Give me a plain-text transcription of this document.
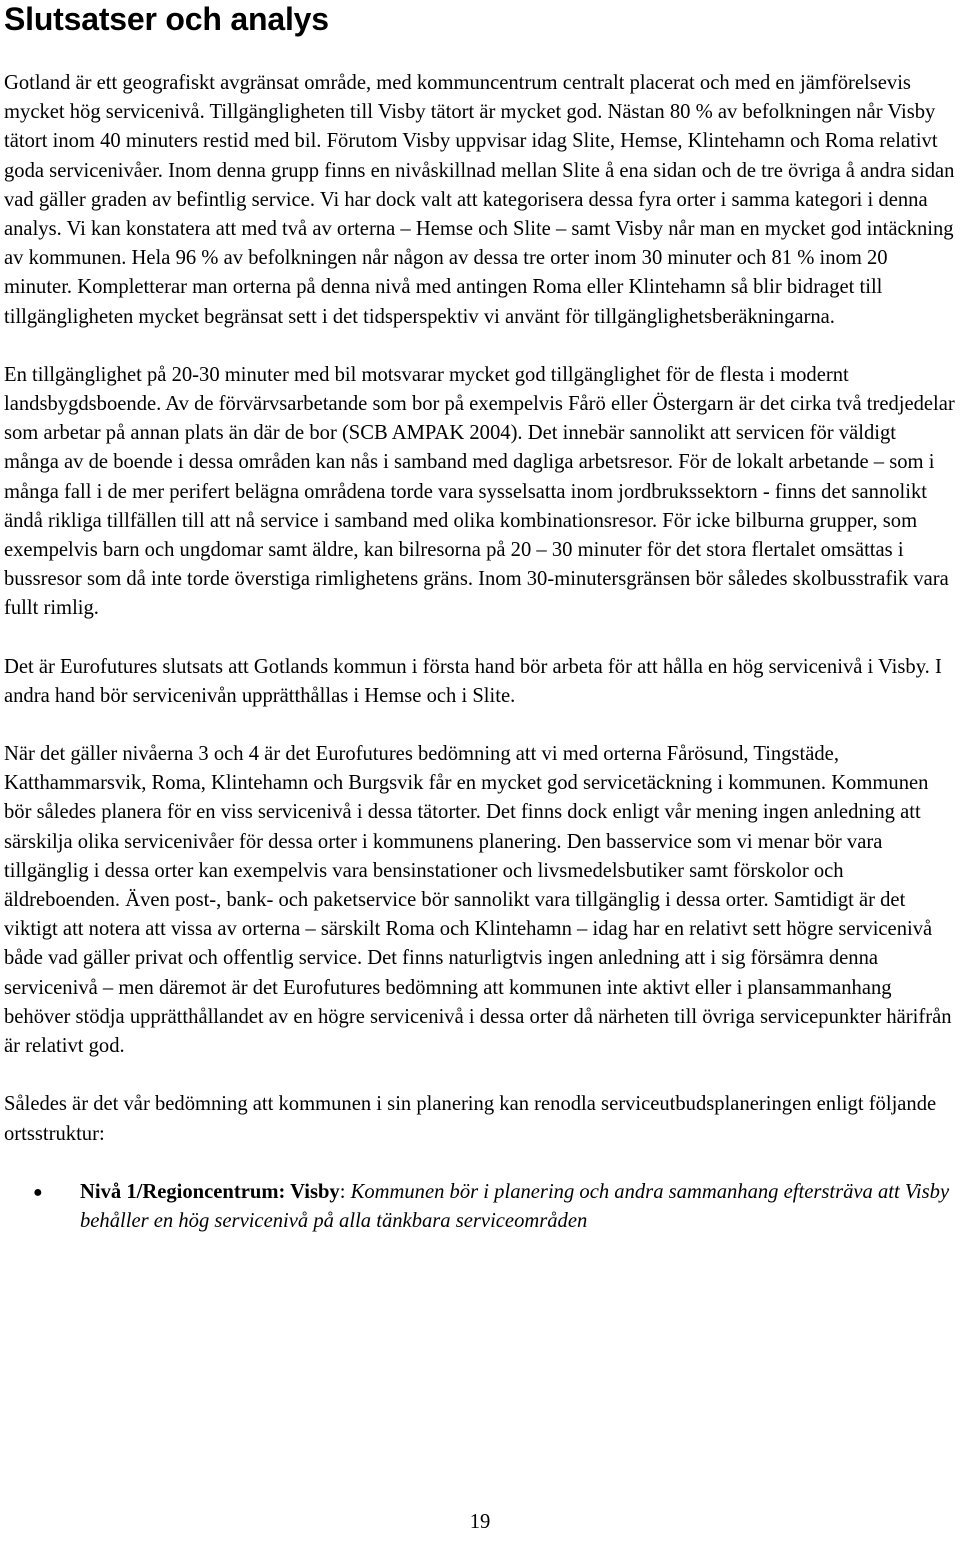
Slutsatser och analys

Gotland är ett geografiskt avgränsat område, med kommuncentrum centralt placerat och med en jämförelsevis mycket hög servicenivå. Tillgängligheten till Visby tätort är mycket god. Nästan 80 % av befolkningen når Visby tätort inom 40 minuters restid med bil. Förutom Visby uppvisar idag Slite, Hemse, Klintehamn och Roma relativt goda servicenivåer. Inom denna grupp finns en nivåskillnad mellan Slite å ena sidan och de tre övriga å andra sidan vad gäller graden av befintlig service. Vi har dock valt att kategorisera dessa fyra orter i samma kategori i denna analys. Vi kan konstatera att med två av orterna – Hemse och Slite – samt Visby når man en mycket god intäckning av kommunen. Hela 96 % av befolkningen når någon av dessa tre orter inom 30 minuter och 81 % inom 20 minuter. Kompletterar man orterna på denna nivå med antingen Roma eller Klintehamn så blir bidraget till tillgängligheten mycket begränsat sett i det tidsperspektiv vi använt för tillgänglighetsberäkningarna.

En tillgänglighet på 20-30 minuter med bil motsvarar mycket god tillgänglighet för de flesta i modernt landsbygdsboende. Av de förvärvsarbetande som bor på exempelvis Fårö eller Östergarn är det cirka två tredjedelar som arbetar på annan plats än där de bor (SCB AMPAK 2004). Det innebär sannolikt att servicen för väldigt många av de boende i dessa områden kan nås i samband med dagliga arbetsresor. För de lokalt arbetande – som i många fall i de mer perifert belägna områdena torde vara sysselsatta inom jordbrukssektorn - finns det sannolikt ändå rikliga tillfällen till att nå service i samband med olika kombinationsresor. För icke bilburna grupper, som exempelvis barn och ungdomar samt äldre, kan bilresorna på 20 – 30 minuter för det stora flertalet omsättas i bussresor som då inte torde överstiga rimlighetens gräns. Inom 30-minutersgränsen bör således skolbusstrafik vara fullt rimlig.

Det är Eurofutures slutsats att Gotlands kommun i första hand bör arbeta för att hålla en hög servicenivå i Visby. I andra hand bör servicenivån upprätthållas i Hemse och i Slite.

När det gäller nivåerna 3 och 4 är det Eurofutures bedömning att vi med orterna Fårösund, Tingstäde, Katthammarsvik, Roma, Klintehamn och Burgsvik får en mycket god servicetäckning i kommunen. Kommunen bör således planera för en viss servicenivå i dessa tätorter. Det finns dock enligt vår mening ingen anledning att särskilja olika servicenivåer för dessa orter i kommunens planering. Den basservice som vi menar bör vara tillgänglig i dessa orter kan exempelvis vara bensinstationer och livsmedelsbutiker samt förskolor och äldreboenden. Även post-, bank- och paketservice bör sannolikt vara tillgänglig i dessa orter. Samtidigt är det viktigt att notera att vissa av orterna – särskilt Roma och Klintehamn – idag har en relativt sett högre servicenivå både vad gäller privat och offentlig service. Det finns naturligtvis ingen anledning att i sig försämra denna servicenivå – men däremot är det Eurofutures bedömning att kommunen inte aktivt eller i plansammanhang behöver stödja upprätthållandet av en högre servicenivå i dessa orter då närheten till övriga servicepunkter härifrån är relativt god.

Således är det vår bedömning att kommunen i sin planering kan renodla serviceutbudsplaneringen enligt följande ortsstruktur:

● Nivå 1/Regioncentrum: Visby: Kommunen bör i planering och andra sammanhang eftersträva att Visby behåller en hög servicenivå på alla tänkbara serviceområden
19
